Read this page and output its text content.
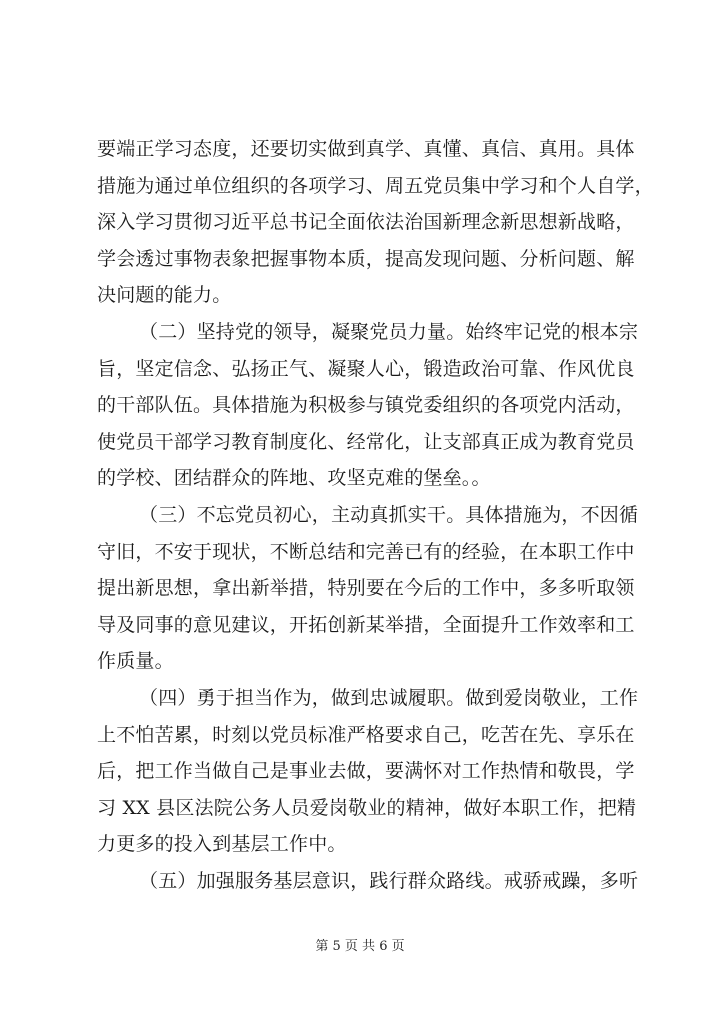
要端正学习态度，还要切实做到真学、真懂、真信、真用。具体
措施为通过单位组织的各项学习、周五党员集中学习和个人自学，
深入学习贯彻习近平总书记全面依法治国新理念新思想新战略，
学会透过事物表象把握事物本质，提高发现问题、分析问题、解
决问题的能力。
（二）坚持党的领导，凝聚党员力量。始终牢记党的根本宗
旨，坚定信念、弘扬正气、凝聚人心，锻造政治可靠、作风优良
的干部队伍。具体措施为积极参与镇党委组织的各项党内活动，
使党员干部学习教育制度化、经常化，让支部真正成为教育党员
的学校、团结群众的阵地、攻坚克难的堡垒。。
（三）不忘党员初心，主动真抓实干。具体措施为，不因循
守旧，不安于现状，不断总结和完善已有的经验，在本职工作中
提出新思想，拿出新举措，特别要在今后的工作中，多多听取领
导及同事的意见建议，开拓创新某举措，全面提升工作效率和工
作质量。
（四）勇于担当作为，做到忠诚履职。做到爱岗敬业，工作
上不怕苦累，时刻以党员标准严格要求自己，吃苦在先、享乐在
后，把工作当做自己是事业去做，要满怀对工作热情和敬畏，学
习 XX 县区法院公务人员爱岗敬业的精神，做好本职工作，把精
力更多的投入到基层工作中。
（五）加强服务基层意识，践行群众路线。戒骄戒躁，多听
第 5 页 共 6 页
